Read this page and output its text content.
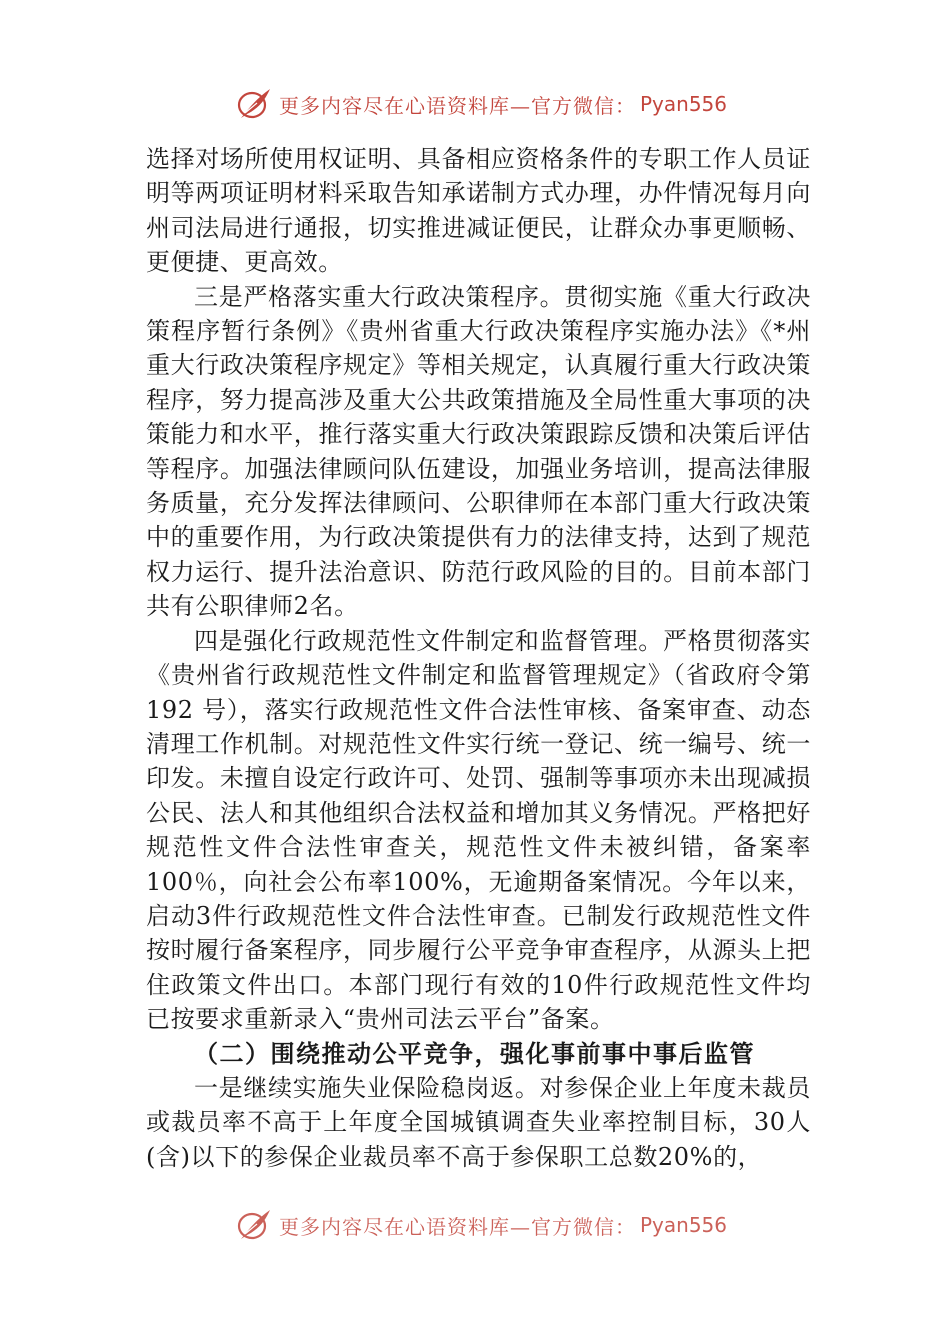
更多内容尽在心语资料库—官方微信： Pyan556

选择对场所使用权证明、具备相应资格条件的专职工作人员证明等两项证明材料采取告知承诺制方式办理，办件情况每月向州司法局进行通报，切实推进减证便民，让群众办事更顺畅、更便捷、更高效。

三是严格落实重大行政决策程序。贯彻实施《重大行政决策程序暂行条例》《贵州省重大行政决策程序实施办法》《*州重大行政决策程序规定》等相关规定，认真履行重大行政决策程序，努力提高涉及重大公共政策措施及全局性重大事项的决策能力和水平，推行落实重大行政决策跟踪反馈和决策后评估等程序。加强法律顾问队伍建设，加强业务培训，提高法律服务质量，充分发挥法律顾问、公职律师在本部门重大行政决策中的重要作用，为行政决策提供有力的法律支持，达到了规范权力运行、提升法治意识、防范行政风险的目的。目前本部门共有公职律师2名。

四是强化行政规范性文件制定和监督管理。严格贯彻落实《贵州省行政规范性文件制定和监督管理规定》（省政府令第 192 号），落实行政规范性文件合法性审核、备案审查、动态清理工作机制。对规范性文件实行统一登记、统一编号、统一印发。未擅自设定行政许可、处罚、强制等事项亦未出现减损公民、法人和其他组织合法权益和增加其义务情况。严格把好规范性文件合法性审查关，规范性文件未被纠错，备案率100％，向社会公布率100%，无逾期备案情况。今年以来，启动3件行政规范性文件合法性审查。已制发行政规范性文件按时履行备案程序，同步履行公平竞争审查程序，从源头上把住政策文件出口。本部门现行有效的10件行政规范性文件均已按要求重新录入“贵州司法云平台”备案。

（二）围绕推动公平竞争，强化事前事中事后监管

一是继续实施失业保险稳岗返。对参保企业上年度未裁员或裁员率不高于上年度全国城镇调查失业率控制目标，30人(含)以下的参保企业裁员率不高于参保职工总数20%的，

更多内容尽在心语资料库—官方微信： Pyan556
